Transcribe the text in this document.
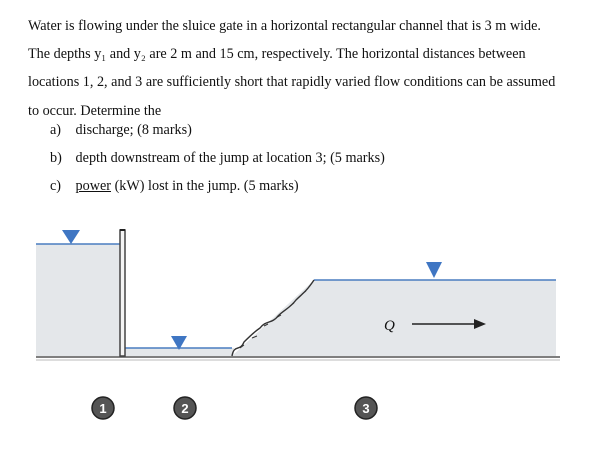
Water is flowing under the sluice gate in a horizontal rectangular channel that is 3 m wide.
The depths y₁ and y₂ are 2 m and 15 cm, respectively. The horizontal distances between
locations 1, 2, and 3 are sufficiently short that rapidly varied flow conditions can be assumed
to occur. Determine the
a) discharge; (8 marks)
b) depth downstream of the jump at location 3; (5 marks)
c) power (kW) lost in the jump. (5 marks)
Q
1	2	3
